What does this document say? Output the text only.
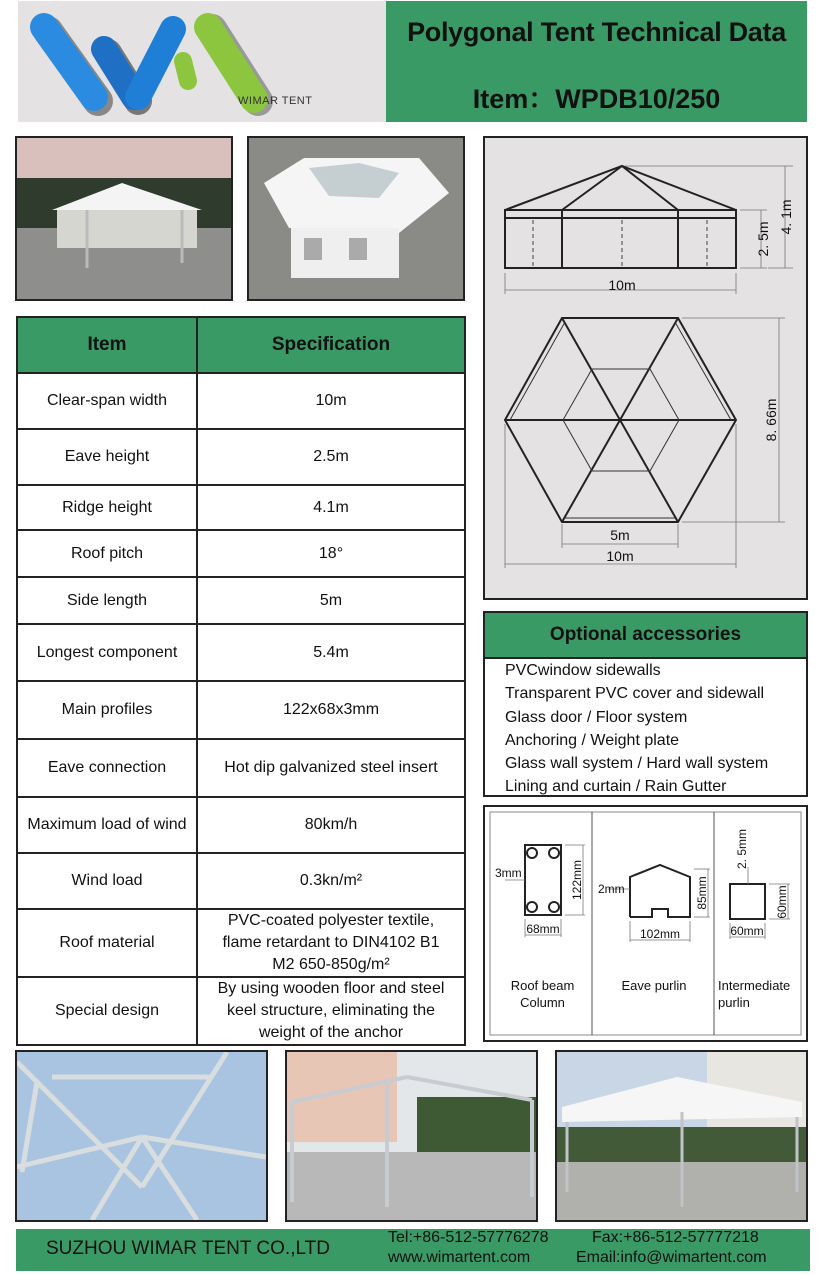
WIMAR TENT
Polygonal Tent Technical Data
Item：WPDB10/250
Item	Specification
Clear-span width	10m
Eave height	2.5m
Ridge height	4.1m
Roof pitch	18°
Side length	5m
Longest component	5.4m
Main profiles	122x68x3mm
Eave connection	Hot dip galvanized steel insert
Maximum load of wind	80km/h
Wind load	0.3kn/m²
Roof material	PVC-coated polyester textile, flame retardant to DIN4102 B1 M2 650-850g/m²
Special design	By using wooden floor and steel keel structure, eliminating the weight of the anchor
10m
2. 5m
4. 1m
5m
10m
8. 66m
Optional accessories
PVCwindow sidewalls
Transparent PVC cover and sidewall
Glass door / Floor system
Anchoring / Weight plate
Glass wall system / Hard wall system
Lining and curtain / Rain Gutter
3mm	122mm
68mm
2mm	85mm
102mm
2. 5mm
60mm
60mm
Roof beam
Column
Eave purlin	Intermediate
purlin
SUZHOU WIMAR TENT CO.,LTD
Tel:+86-512-57776278
www.wimartent.com
Fax:+86-512-57777218
Email:info@wimartent.com
